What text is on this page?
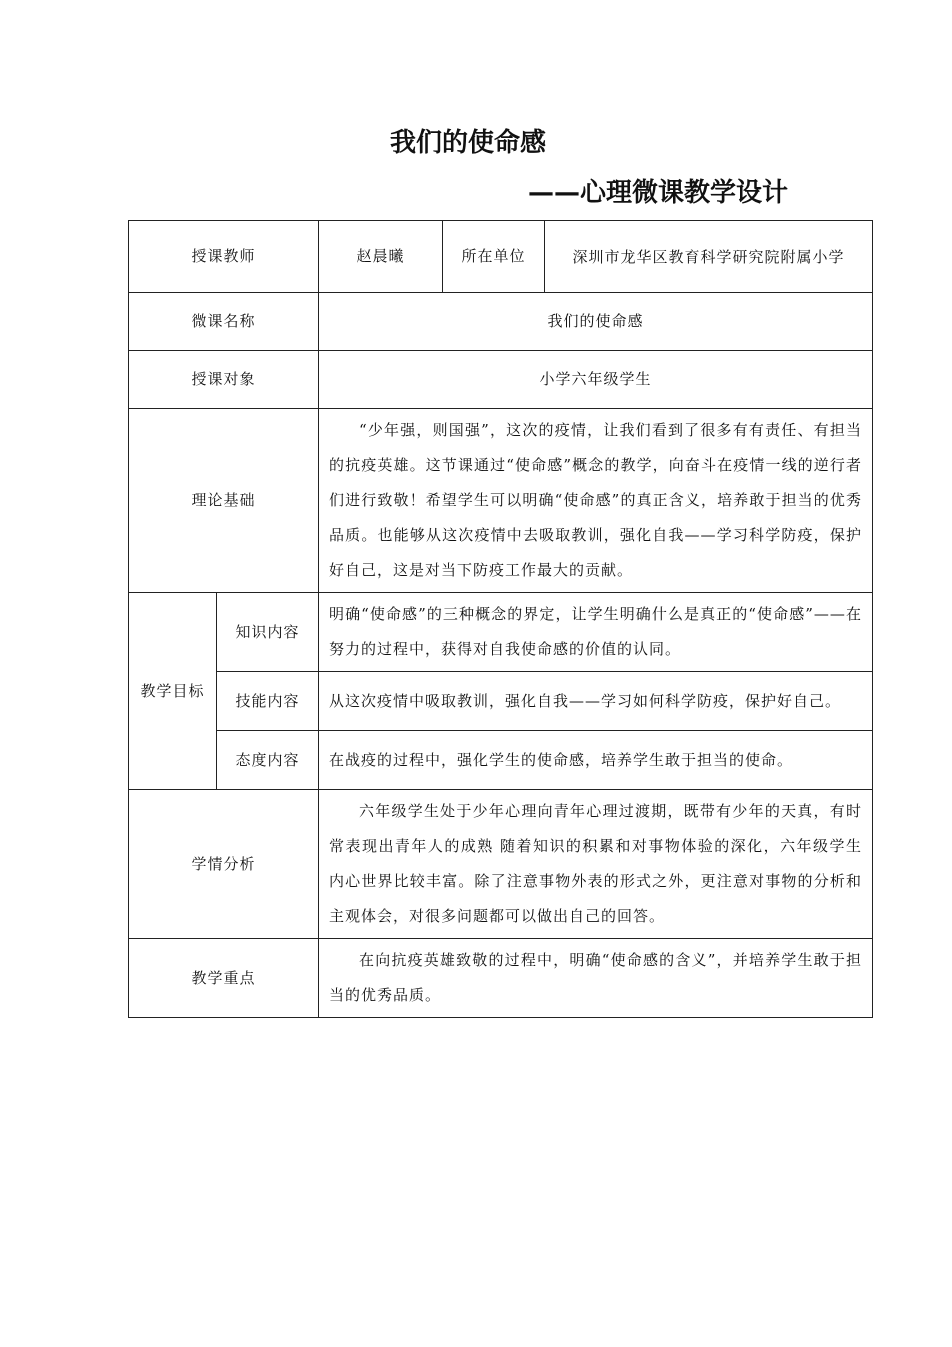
我们的使命感
——心理微课教学设计
授课教师		赵晨曦	所在单位	深圳市龙华区教育科学研究院附属小学
微课名称		我们的使命感		
授课对象		小学六年级学生		
理论基础		“少年强，则国强”，这次的疫情，让我们看到了很多有有责任、有担当的抗疫英雄。这节课通过“使命感”概念的教学，向奋斗在疫情一线的逆行者们进行致敬！希望学生可以明确“使命感”的真正含义，培养敢于担当的优秀品质。也能够从这次疫情中去吸取教训，强化自我——学习科学防疫，保护好自己，这是对当下防疫工作最大的贡献。		
教学目标	知识内容	明确“使命感”的三种概念的界定，让学生明确什么是真正的“使命感”——在努力的过程中，获得对自我使命感的价值的认同。		
	技能内容	从这次疫情中吸取教训，强化自我——学习如何科学防疫，保护好自己。		
	态度内容	在战疫的过程中，强化学生的使命感，培养学生敢于担当的使命。		
学情分析		六年级学生处于少年心理向青年心理过渡期，既带有少年的天真，有时常表现出青年人的成熟 随着知识的积累和对事物体验的深化，六年级学生内心世界比较丰富。除了注意事物外表的形式之外，更注意对事物的分析和主观体会，对很多问题都可以做出自己的回答。		
教学重点		在向抗疫英雄致敬的过程中，明确“使命感的含义”，并培养学生敢于担当的优秀品质。		
